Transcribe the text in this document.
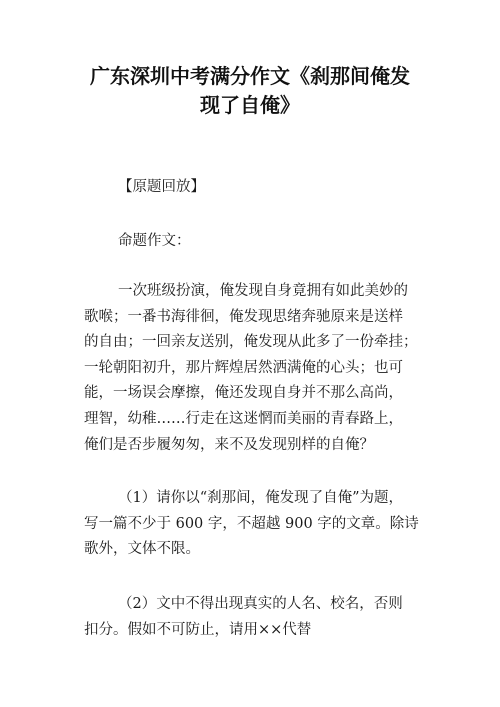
广东深圳中考满分作文《刹那间俺发
现了自俺》
【原题回放】
命题作文：
一次班级扮演，俺发现自身竟拥有如此美妙的
歌喉；一番书海徘徊，俺发现思绪奔驰原来是送样
的自由；一回亲友送别，俺发现从此多了一份牵挂；
一轮朝阳初升，那片辉煌居然洒满俺的心头；也可
能，一场误会摩擦，俺还发现自身并不那么高尚，
理智，幼稚……行走在这迷惘而美丽的青春路上，
俺们是否步履匆匆，来不及发现别样的自俺？
（1）请你以“刹那间，俺发现了自俺”为题，
写一篇不少于 600 字，不超越 900 字的文章。除诗
歌外，文体不限。
（2）文中不得出现真实的人名、校名，否则
扣分。假如不可防止，请用××代替
